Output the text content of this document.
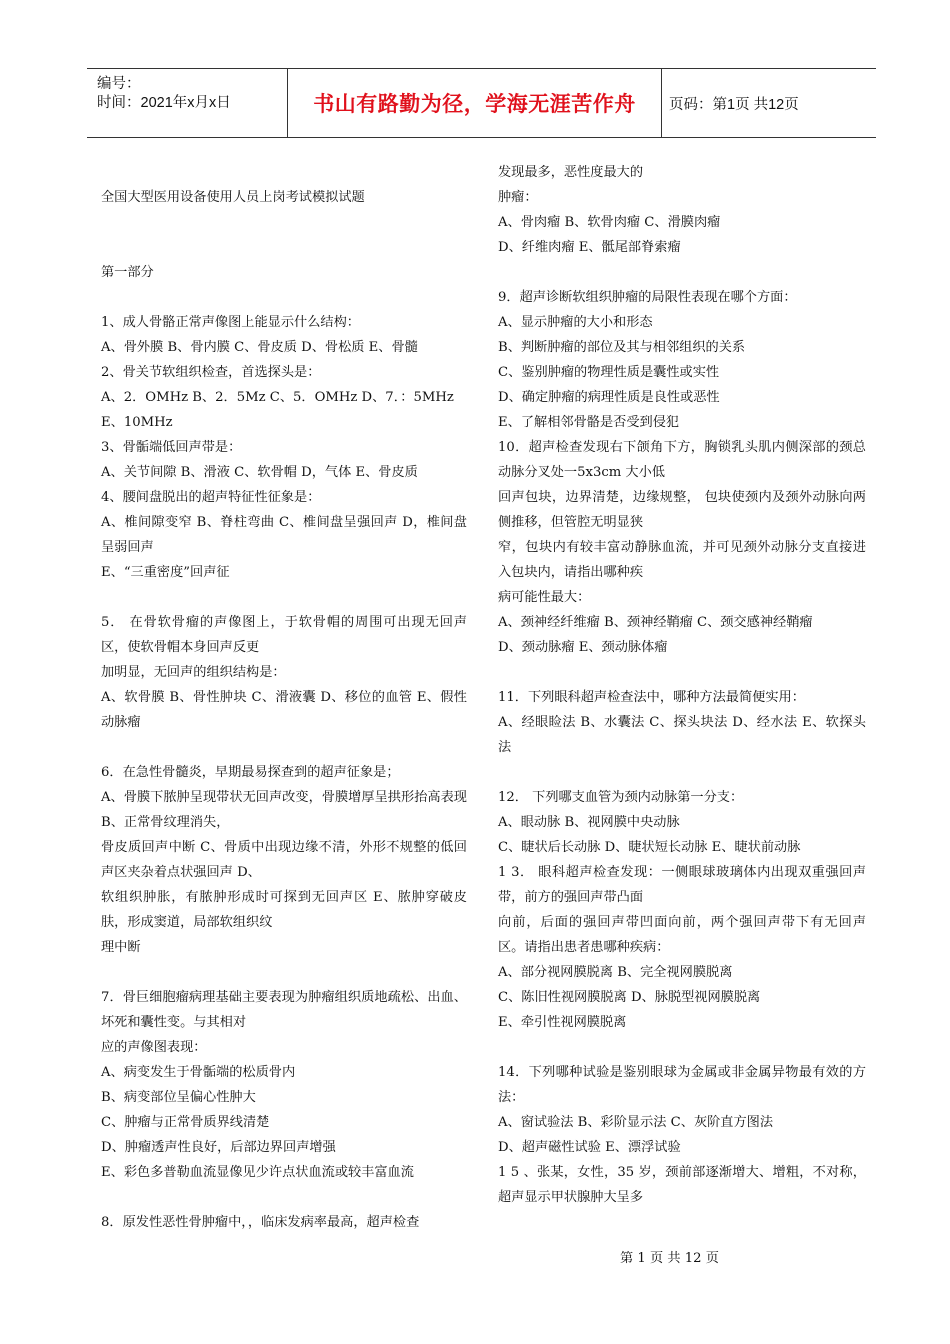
编号：
时间：2021年x月x日	书山有路勤为径，学海无涯苦作舟 页码：第1页 共12页

全国大型医用设备使用人员上岗考试模拟试题

第一部分

1、成人骨骼正常声像图上能显示什么结构：

A、骨外膜 B、骨内膜 C、骨皮质 D、骨松质 E、骨髓

2、骨关节软组织检查，首选探头是：

A、2．OMHz B、2．5Mz C、5．OMHz D、7．：5MHz

E、10MHz

3、骨骺端低回声带是：

A、关节间隙 B、滑液 C、软骨帽 D，气体 E、骨皮质

4、腰间盘脱出的超声特征性征象是：

A、椎间隙变窄 B、脊柱弯曲 C、椎间盘呈强回声 D，椎间盘呈弱回声

E、“三重密度”回声征

5． 在骨软骨瘤的声像图上，于软骨帽的周围可出现无回声区，使软骨帽本身回声反更

加明显，无回声的组织结构是：

A、软骨膜 B、骨性肿块 C、滑液囊 D、移位的血管 E、假性动脉瘤

6．在急性骨髓炎，早期最易探查到的超声征象是；

A、骨膜下脓肿呈现带状无回声改变，骨膜增厚呈拱形抬高表现 B、正常骨纹理消失，

骨皮质回声中断 C、骨质中出现边缘不清，外形不规整的低回声区夹杂着点状强回声 D、

软组织肿胀，有脓肿形成时可探到无回声区 E、脓肿穿破皮肤，形成窦道，局部软组织纹

理中断

7．骨巨细胞瘤病理基础主要表现为肿瘤组织质地疏松、出血、坏死和囊性变。与其相对

应的声像图表现：

A、病变发生于骨骺端的松质骨内

B、病变部位呈偏心性肿大

C、肿瘤与正常骨质界线清楚

D、肿瘤透声性良好，后部边界回声增强

E、彩色多普勒血流显像见少许点状血流或较丰富血流

8．原发性恶性骨肿瘤中，，临床发病率最高，超声检查

发现最多，恶性度最大的

肿瘤：

A、骨肉瘤 B、软骨肉瘤 C、滑膜肉瘤

D、纤维肉瘤 E、骶尾部脊索瘤

9．超声诊断软组织肿瘤的局限性表现在哪个方面：

A、显示肿瘤的大小和形态

B、判断肿瘤的部位及其与相邻组织的关系

C、鉴别肿瘤的物理性质是囊性或实性

D、确定肿瘤的病理性质是良性或恶性

E、了解相邻骨骼是否受到侵犯

10．超声检查发现右下颌角下方，胸锁乳头肌内侧深部的颈总动脉分叉处一5x3cm 大小低

回声包块，边界清楚，边缘规整， 包块使颈内及颈外动脉向两侧推移，但管腔无明显狭

窄，包块内有较丰富动静脉血流，并可见颈外动脉分支直接进入包块内，请指出哪种疾

病可能性最大：

A、颈神经纤维瘤 B、颈神经鞘瘤 C、颈交感神经鞘瘤

D、颈动脉瘤 E、颈动脉体瘤

11．下列眼科超声检查法中，哪种方法最简便实用：

A、经眼睑法 B、水囊法 C、探头块法 D、经水法 E、软探头法

12． 下列哪支血管为颈内动脉第一分支：

A、眼动脉 B、视网膜中央动脉

C、睫状后长动脉 D、睫状短长动脉 E、睫状前动脉

1 3． 眼科超声检查发现：一侧眼球玻璃体内出现双重强回声带，前方的强回声带凸面

向前，后面的强回声带凹面向前，两个强回声带下有无回声区。请指出患者患哪种疾病：

A、部分视网膜脱离 B、完全视网膜脱离

C、陈旧性视网膜脱离 D、脉脱型视网膜脱离

E、牵引性视网膜脱离

14．下列哪种试验是鉴别眼球为金属或非金属异物最有效的方法：

A、窗试验法 B、彩阶显示法 C、灰阶直方图法

D、超声磁性试验 E、漂浮试验

1 5 、张某，女性，35 岁，颈前部逐渐增大、增粗，不对称，超声显示甲状腺肿大呈多

第 1 页 共 12 页
